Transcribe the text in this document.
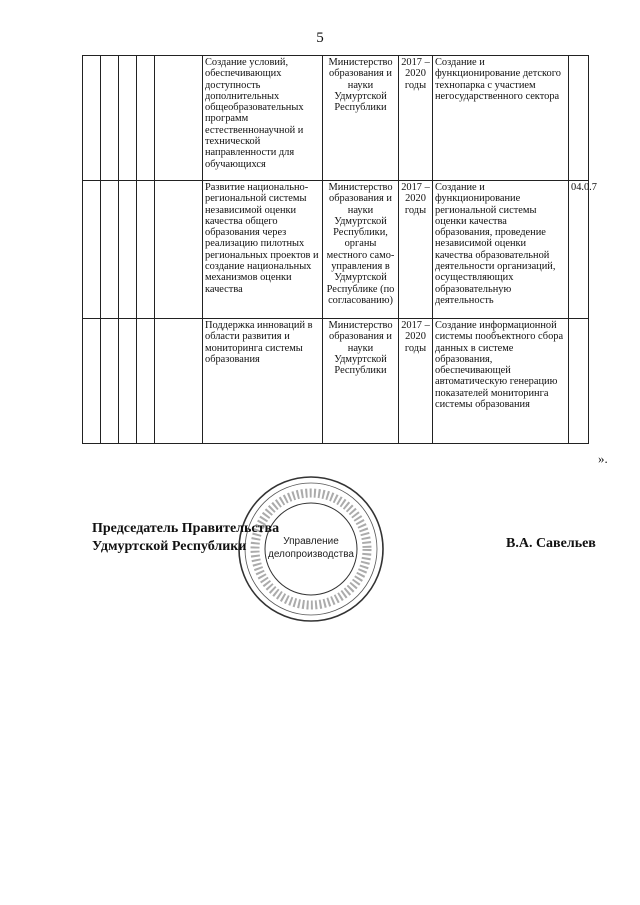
5
					Создание условий, обеспечивающих доступность дополнительных общеобразовательных программ естественнонаучной и технической направленности для обучающихся	Министерство образования и науки Удмуртской Республики	2017 – 2020 годы	Создание и функционирование детского технопарка с участием негосударственного сектора	
					Развитие национально-региональной системы независимой оценки качества общего образования через реализацию пилотных региональных проектов и создание национальных механизмов оценки качества	Министерство образования и науки Удмуртской Республики, органы местного само-управления в Удмуртской Республике (по согласованию)	2017 – 2020 годы	Создание и функционирование региональной системы оценки качества образования, проведение независимой оценки качества образовательной деятельности организаций, осуществляющих образовательную деятельность	04.0.7
					Поддержка инноваций в области развития и мониторинга системы образования	Министерство образования и науки Удмуртской Республики	2017 – 2020 годы	Создание информационной системы пообъектного сбора данных в системе образования, обеспечивающей автоматическую генерацию показателей мониторинга системы образования	
».
Управление
делопроизводства
Председатель Правительства
Удмуртской Республики	В.А. Савельев
